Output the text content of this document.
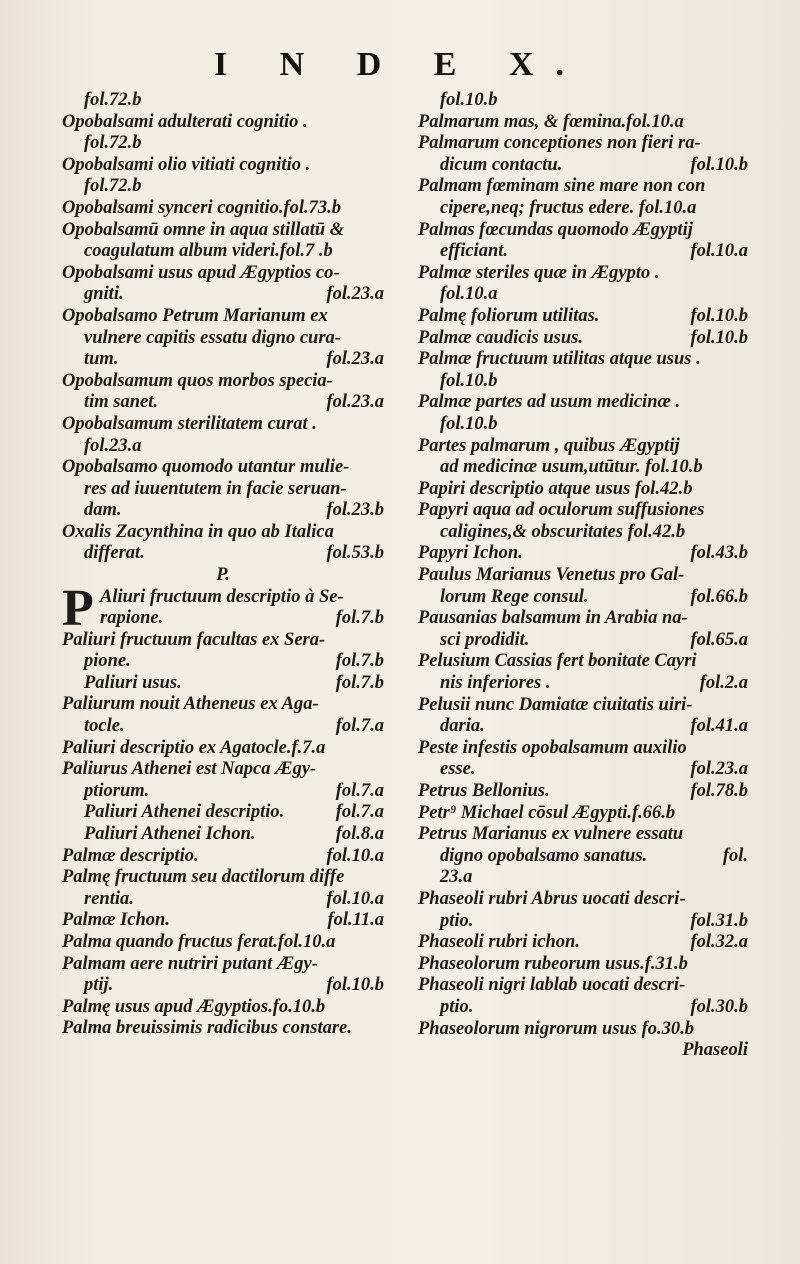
I N D E X.
fol.72.b
Opobalsami adulterati cognitio .
fol.72.b
Opobalsami olio vitiati cognitio .
fol.72.b
Opobalsami synceri cognitio.fol.73.b
Opobalsamū omne in aqua stillatū &
coagulatum album videri.fol.7 .b
Opobalsami usus apud Ægyptios co-
gniti.	fol.23.a
Opobalsamo Petrum Marianum ex
vulnere capitis essatu digno cura-
tum.	fol.23.a
Opobalsamum quos morbos specia-
tim sanet.	fol.23.a
Opobalsamum sterilitatem curat .
fol.23.a
Opobalsamo quomodo utantur mulie-
res ad iuuentutem in facie seruan-
dam.	fol.23.b
Oxalis Zacynthina in quo ab Italica
differat.	fol.53.b
P.
P Aliuri fructuum descriptio à Se-
rapione.	fol.7.b
Paliuri fructuum facultas ex Sera-
pione.	fol.7.b
Paliuri usus.	fol.7.b
Paliurum nouit Atheneus ex Aga-
tocle.	fol.7.a
Paliuri descriptio ex Agatocle.f.7.a
Paliurus Athenei est Napca Ægy-
ptiorum.	fol.7.a
Paliuri Athenei descriptio.	fol.7.a
Paliuri Athenei Ichon.	fol.8.a
Palmæ descriptio.	fol.10.a
Palmę fructuum seu dactilorum diffe
rentia.	fol.10.a
Palmæ Ichon.	fol.11.a
Palma quando fructus ferat.fol.10.a
Palmam aere nutriri putant Ægy-
ptij.	fol.10.b
Palmę usus apud Ægyptios.fo.10.b
Palma breuissimis radicibus constare.
fol.10.b
Palmarum mas, & fœmina.fol.10.a
Palmarum conceptiones non fieri ra-
dicum contactu.	fol.10.b
Palmam fœminam sine mare non con
cipere,neq; fructus edere. fol.10.a
Palmas fœcundas quomodo Ægyptij
efficiant.	fol.10.a
Palmæ steriles quæ in Ægypto .
fol.10.a
Palmę foliorum utilitas.	fol.10.b
Palmæ caudicis usus.	fol.10.b
Palmæ fructuum utilitas atque usus .
fol.10.b
Palmæ partes ad usum medicinæ .
fol.10.b
Partes palmarum , quibus Ægyptij
ad medicinæ usum,utūtur. fol.10.b
Papiri descriptio atque usus fol.42.b
Papyri aqua ad oculorum suffusiones
caligines,& obscuritates fol.42.b
Papyri Ichon.	fol.43.b
Paulus Marianus Venetus pro Gal-
lorum Rege consul.	fol.66.b
Pausanias balsamum in Arabia na-
sci prodidit.	fol.65.a
Pelusium Cassias fert bonitate Cayri
nis inferiores .	fol.2.a
Pelusii nunc Damiatæ ciuitatis uiri-
daria.	fol.41.a
Peste infestis opobalsamum auxilio
esse.	fol.23.a
Petrus Bellonius.	fol.78.b
Petr⁹ Michael cōsul Ægypti.f.66.b
Petrus Marianus ex vulnere essatu
digno opobalsamo sanatus.	fol.
23.a
Phaseoli rubri Abrus uocati descri-
ptio.	fol.31.b
Phaseoli rubri ichon.	fol.32.a
Phaseolorum rubeorum usus.f.31.b
Phaseoli nigri lablab uocati descri-
ptio.	fol.30.b
Phaseolorum nigrorum usus fo.30.b
Phaseoli
